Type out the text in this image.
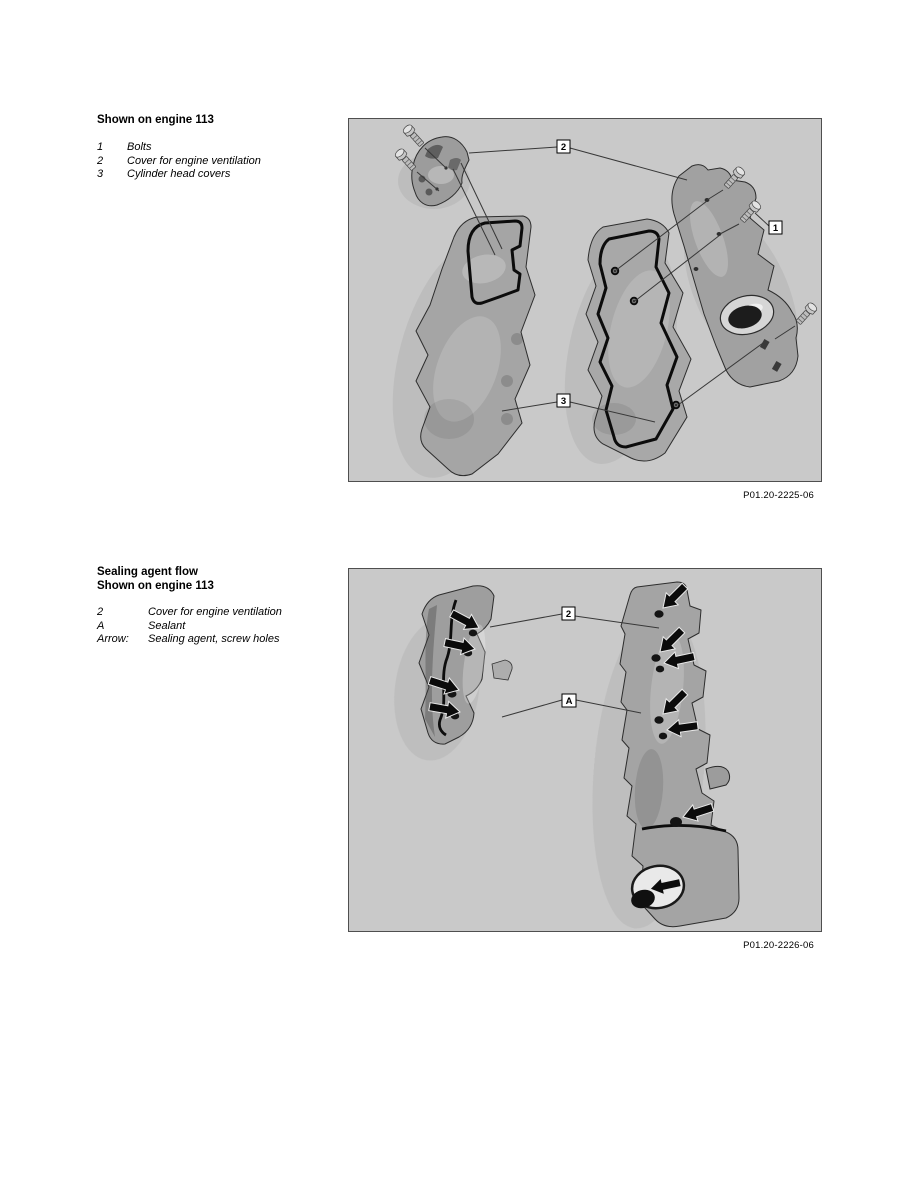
Shown on engine 113
1	Bolts
2	Cover for engine ventilation
3	Cylinder head covers
2
1
3
P01.20-2225-06
Sealing agent flow
Shown on engine 113
2	Cover for engine ventilation
A	Sealant
Arrow:	Sealing agent, screw holes
2
A
P01.20-2226-06
